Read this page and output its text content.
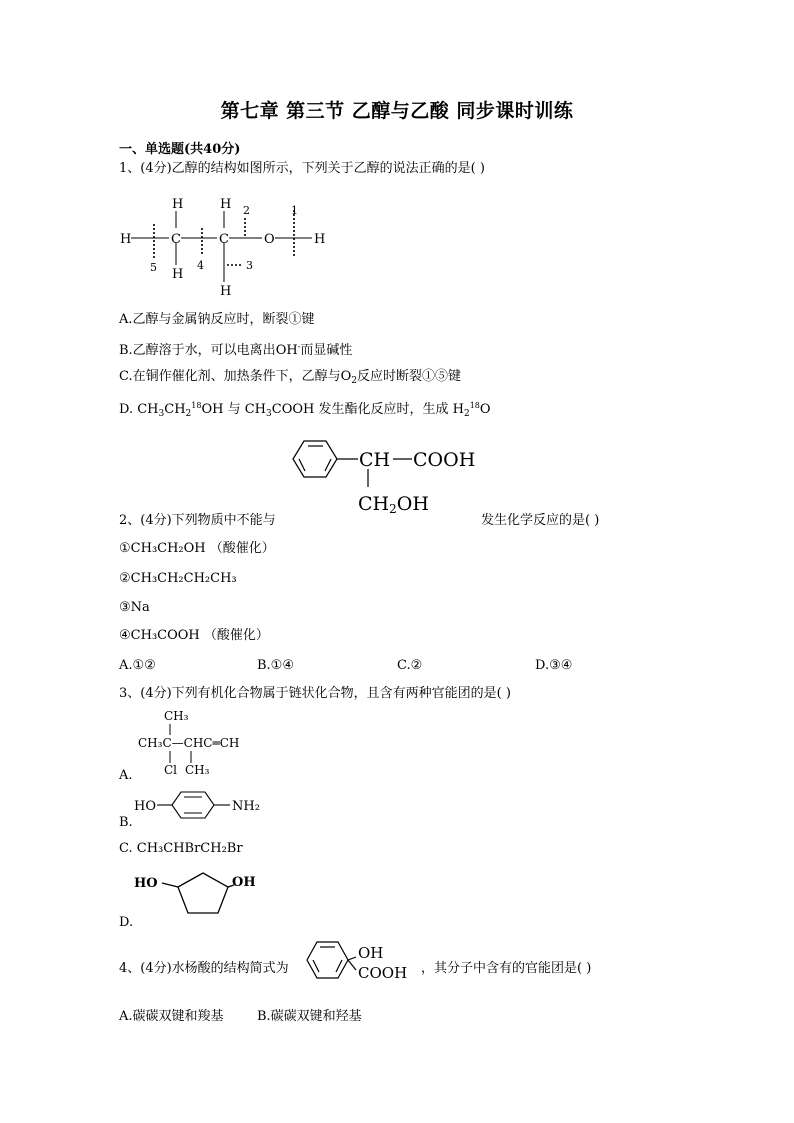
第七章 第三节 乙醇与乙酸 同步课时训练
一、单选题(共40分)
1、(4分)乙醇的结构如图所示，下列关于乙醇的说法正确的是( )
H	C	C	O	H
H
H
H
H
5	4	3
2	1
A.乙醇与金属钠反应时，断裂①键
B.乙醇溶于水，可以电离出OH-而显碱性
C.在铜作催化剂、加热条件下，乙醇与$O_2$反应时断裂①⑤键
D. $CH_3CH_2^{18}OH$ 与 $CH_3COOH$ 发生酯化反应时，生成 $H_2^{18}O$
CH COOH
CH2OH
2、(4分)下列物质中不能与	发生化学反应的是( )
①CH₃CH₂OH （酸催化）
②CH₃CH₂CH₂CH₃
③Na
④CH₃COOH （酸催化）
A.①②	B.①④	C.②	D.③④
3、(4分)下列有机化合物属于链状化合物，且含有两种官能团的是( )
CH₃
CH₃C—CHC═CH
Cl CH₃
A.
HO	NH₂
B.
C. CH₃CHBrCH₂Br
HO	OH
D.
4、(4分)水杨酸的结构简式为
OH
COOH ，其分子中含有的官能团是( )
A.碳碳双键和羧基	B.碳碳双键和羟基
